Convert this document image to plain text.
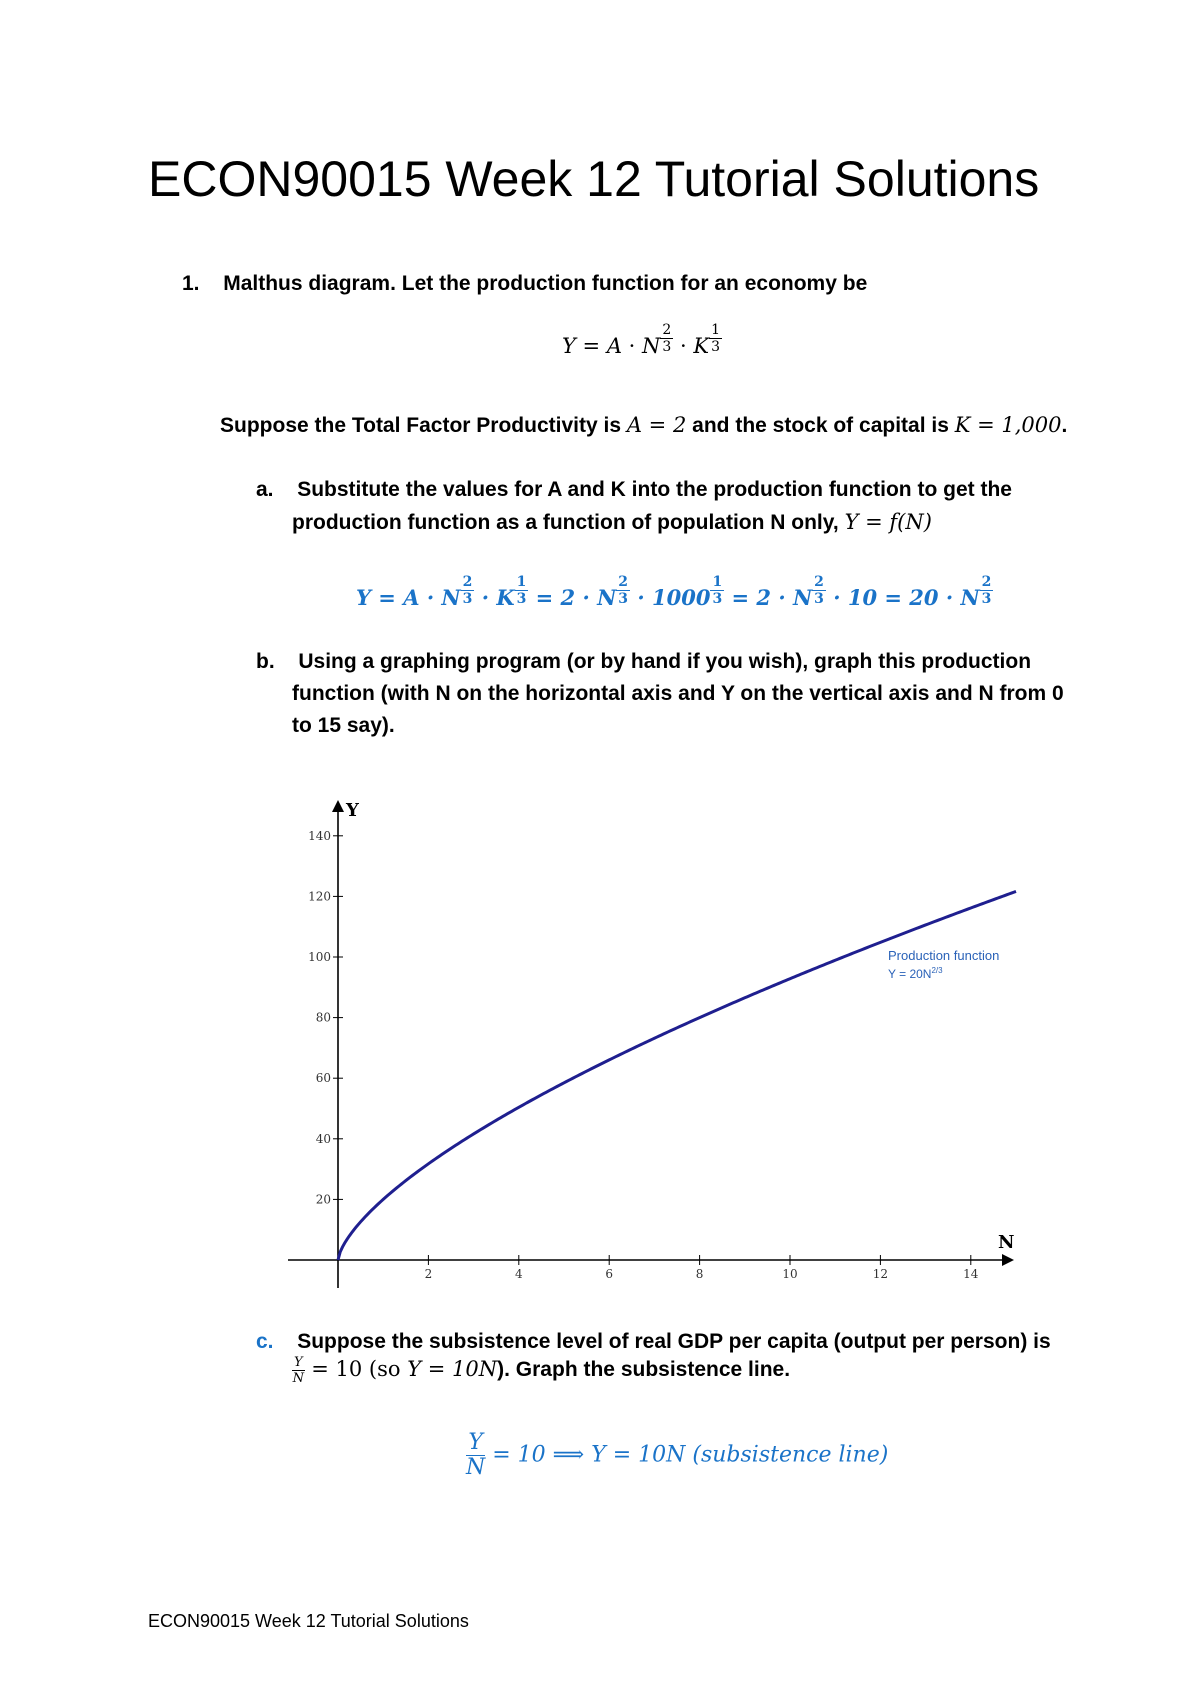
ECON90015 Week 12 Tutorial Solutions
1. Malthus diagram. Let the production function for an economy be
Y = A · N $\frac{2}{3} \cdot K \frac{1}{3}$
Suppose the Total Factor Productivity is A = 2 and the stock of capital is K = 1,000.
a. Substitute the values for A and K into the production function to get the
production function as a function of population N only, Y = f(N)
Y = A · N $\frac{2}{3} \cdot K \frac{1}{3} = 2 \cdot N \frac{2}{3} \cdot 1000 \frac{1}{3} = 2 \cdot N \frac{2}{3} \cdot 10 = 20 \cdot N \frac{2}{3}$
b. Using a graphing program (or by hand if you wish), graph this production
function (with N on the horizontal axis and Y on the vertical axis and N from 0
to 15 say).
N
Y
2	4	6	8	10	12	14
20
40
60
80
100
120
140
Production function
$Y = 20N^{2/3}$
c. Suppose the subsistence level of real GDP per capita (output per person) is
$\frac{Y}{N} = 10$ (so Y = 10N). Graph the subsistence line.
$\frac{Y}{N} = 10$ ⟹ Y = 10N (subsistence line)
ECON90015 Week 12 Tutorial Solutions
